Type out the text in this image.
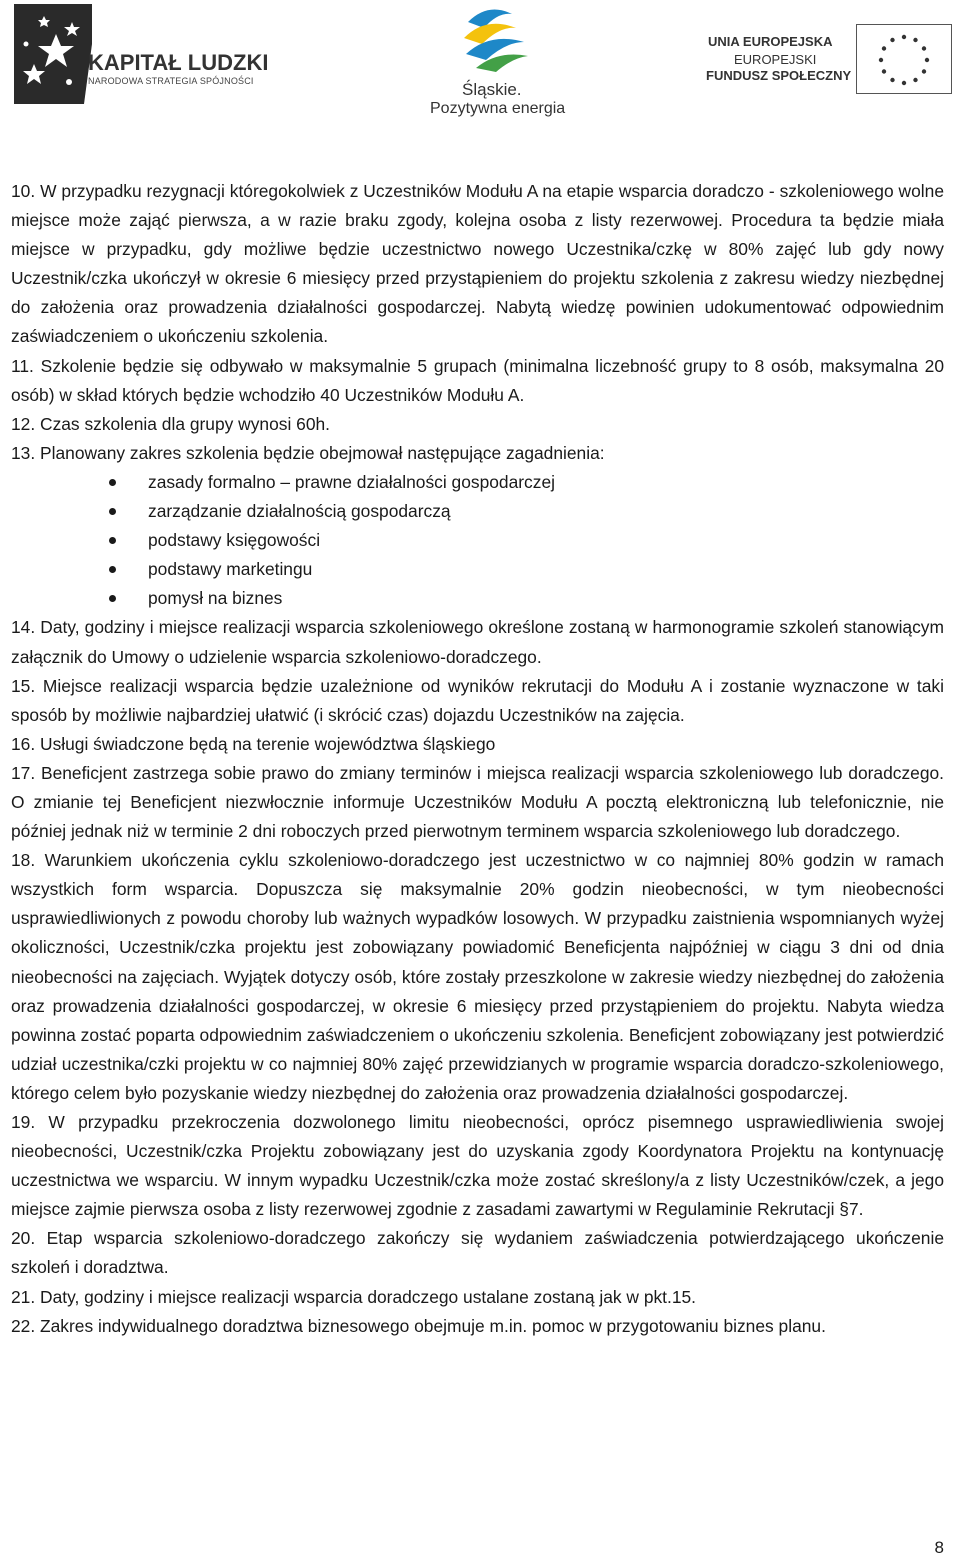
KAPITAŁ LUDZKI
NARODOWA STRATEGIA SPÓJNOŚCI	Śląskie.
Pozytywna energia
UNIA EUROPEJSKA
EUROPEJSKI
FUNDUSZ SPOŁECZNY

10. W przypadku rezygnacji któregokolwiek z Uczestników Modułu A na etapie wsparcia doradczo - szkoleniowego wolne miejsce może zająć pierwsza, a w razie braku zgody, kolejna osoba z listy rezerwowej. Procedura ta będzie miała miejsce w przypadku, gdy możliwe będzie uczestnictwo nowego Uczestnika/czkę w 80% zajęć lub gdy nowy Uczestnik/czka ukończył w okresie 6 miesięcy przed przystąpieniem do projektu szkolenia z zakresu wiedzy niezbędnej do założenia oraz prowadzenia działalności gospodarczej. Nabytą wiedzę powinien udokumentować odpowiednim zaświadczeniem o ukończeniu szkolenia.

11. Szkolenie będzie się odbywało w maksymalnie 5 grupach (minimalna liczebność grupy to 8 osób, maksymalna 20 osób) w skład których będzie wchodziło 40 Uczestników Modułu A.

12. Czas szkolenia dla grupy wynosi 60h.

13. Planowany zakres szkolenia będzie obejmował następujące zagadnienia:

zasady formalno – prawne działalności gospodarczej
zarządzanie działalnością gospodarczą
podstawy księgowości
podstawy marketingu
pomysł na biznes

14. Daty, godziny i miejsce realizacji wsparcia szkoleniowego określone zostaną w harmonogramie szkoleń stanowiącym załącznik do Umowy o udzielenie wsparcia szkoleniowo-doradczego.

15. Miejsce realizacji wsparcia będzie uzależnione od wyników rekrutacji do Modułu A i zostanie wyznaczone w taki sposób by możliwie najbardziej ułatwić (i skrócić czas) dojazdu Uczestników na zajęcia.

16. Usługi świadczone będą na terenie województwa śląskiego

17. Beneficjent zastrzega sobie prawo do zmiany terminów i miejsca realizacji wsparcia szkoleniowego lub doradczego. O zmianie tej Beneficjent niezwłocznie informuje Uczestników Modułu A pocztą elektroniczną lub telefonicznie, nie później jednak niż w terminie 2 dni roboczych przed pierwotnym terminem wsparcia szkoleniowego lub doradczego.

18. Warunkiem ukończenia cyklu szkoleniowo-doradczego jest uczestnictwo w co najmniej 80% godzin w ramach wszystkich form wsparcia. Dopuszcza się maksymalnie 20% godzin nieobecności, w tym nieobecności usprawiedliwionych z powodu choroby lub ważnych wypadków losowych. W przypadku zaistnienia wspomnianych wyżej okoliczności, Uczestnik/czka projektu jest zobowiązany powiadomić Beneficjenta najpóźniej w ciągu 3 dni od dnia nieobecności na zajęciach. Wyjątek dotyczy osób, które zostały przeszkolone w zakresie wiedzy niezbędnej do założenia oraz prowadzenia działalności gospodarczej, w okresie 6 miesięcy przed przystąpieniem do projektu. Nabyta wiedza powinna zostać poparta odpowiednim zaświadczeniem o ukończeniu szkolenia. Beneficjent zobowiązany jest potwierdzić udział uczestnika/czki projektu w co najmniej 80% zajęć przewidzianych w programie wsparcia doradczo-szkoleniowego, którego celem było pozyskanie wiedzy niezbędnej do założenia oraz prowadzenia działalności gospodarczej.

19. W przypadku przekroczenia dozwolonego limitu nieobecności, oprócz pisemnego usprawiedliwienia swojej nieobecności, Uczestnik/czka Projektu zobowiązany jest do uzyskania zgody Koordynatora Projektu na kontynuację uczestnictwa we wsparciu. W innym wypadku Uczestnik/czka może zostać skreślony/a z listy Uczestników/czek, a jego miejsce zajmie pierwsza osoba z listy rezerwowej zgodnie z zasadami zawartymi w Regulaminie Rekrutacji §7.

20. Etap wsparcia szkoleniowo-doradczego zakończy się wydaniem zaświadczenia potwierdzającego ukończenie szkoleń i doradztwa.

21. Daty, godziny i miejsce realizacji wsparcia doradczego ustalane zostaną jak w pkt.15.

22. Zakres indywidualnego doradztwa biznesowego obejmuje m.in. pomoc w przygotowaniu biznes planu.

8
